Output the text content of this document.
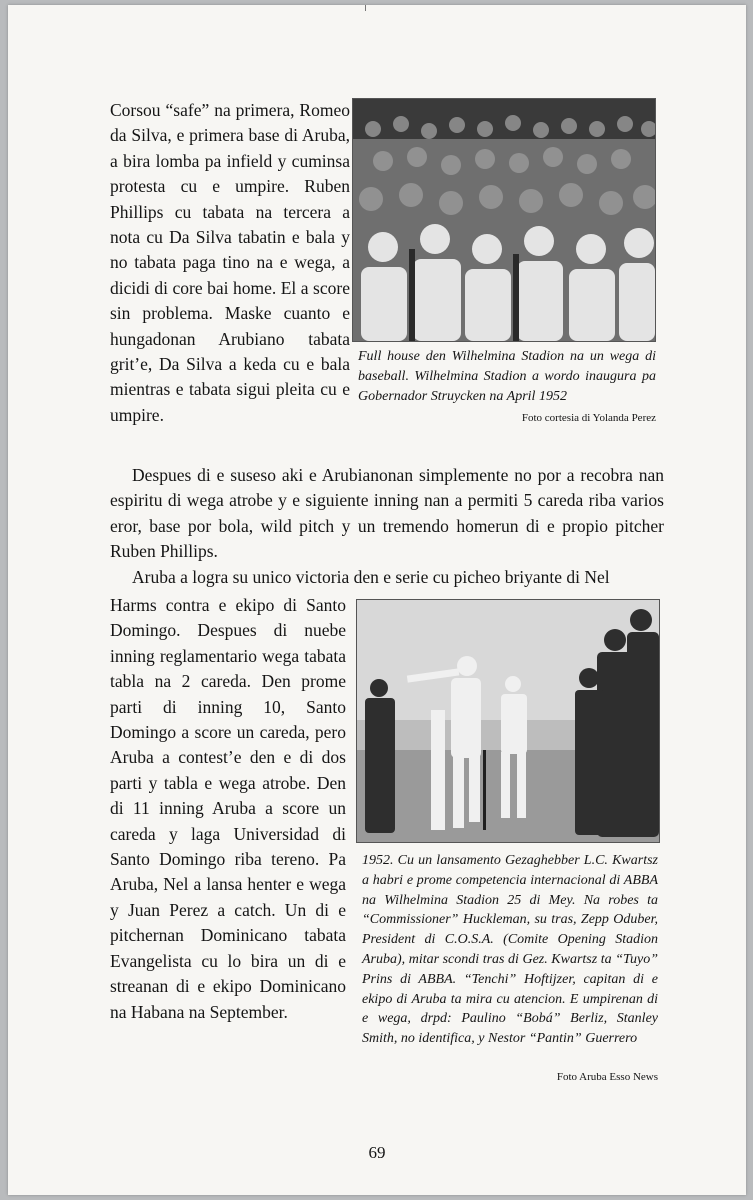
Corsou “safe” na primera, Romeo da Silva, e primera base di Aruba, a bira lomba pa infield y cuminsa protesta cu e umpire. Ruben Phillips cu tabata na tercera a nota cu Da Silva tabatin e bala y no tabata paga tino na e wega, a dicidi di core bai home. El a score sin problema. Maske cuanto e hungadonan Arubiano tabata grit’e, Da Silva a keda cu e bala mientras e tabata sigui pleita cu e umpire.
Full house den Wilhelmina Stadion na un wega di baseball. Wilhelmina Stadion a wordo inaugura pa Gobernador Struycken na April 1952
Foto cortesia di Yolanda Perez

Despues di e suseso aki e Arubianonan simplemente no por a recobra nan espiritu di wega atrobe y e siguiente inning nan a permiti 5 careda riba varios eror, base por bola, wild pitch y un tremendo homerun di e propio pitcher Ruben Phillips.

Aruba a logra su unico victoria den e serie cu picheo briyante di Nel

Harms contra e ekipo di Santo Domingo. Despues di nuebe inning reglamentario wega tabata tabla na 2 careda. Den prome parti di inning 10, Santo Domingo a score un careda, pero Aruba a contest’e den e di dos parti y tabla e wega atrobe. Den di 11 inning Aruba a score un careda y laga Universidad di Santo Domingo riba tereno. Pa Aruba, Nel a lansa henter e wega y Juan Perez a catch. Un di e pitchernan Dominicano tabata Evangelista cu lo bira un di e streanan di e ekipo Dominicano na Habana na September.
1952. Cu un lansamento Gezaghebber L.C. Kwartsz a habri e prome competencia internacional di ABBA na Wilhelmina Stadion 25 di Mey. Na robes ta “Commissioner” Huckleman, su tras, Zepp Oduber, President di C.O.S.A. (Comite Opening Stadion Aruba), mitar scondi tras di Gez. Kwartsz ta “Tuyo” Prins di ABBA. “Tenchi” Hoftijzer, capitan di e ekipo di Aruba ta mira cu atencion. E umpirenan di e wega, drpd: Paulino “Bobá” Berliz, Stanley Smith, no identifica, y Nestor “Pantin” Guerrero
Foto Aruba Esso News
69
